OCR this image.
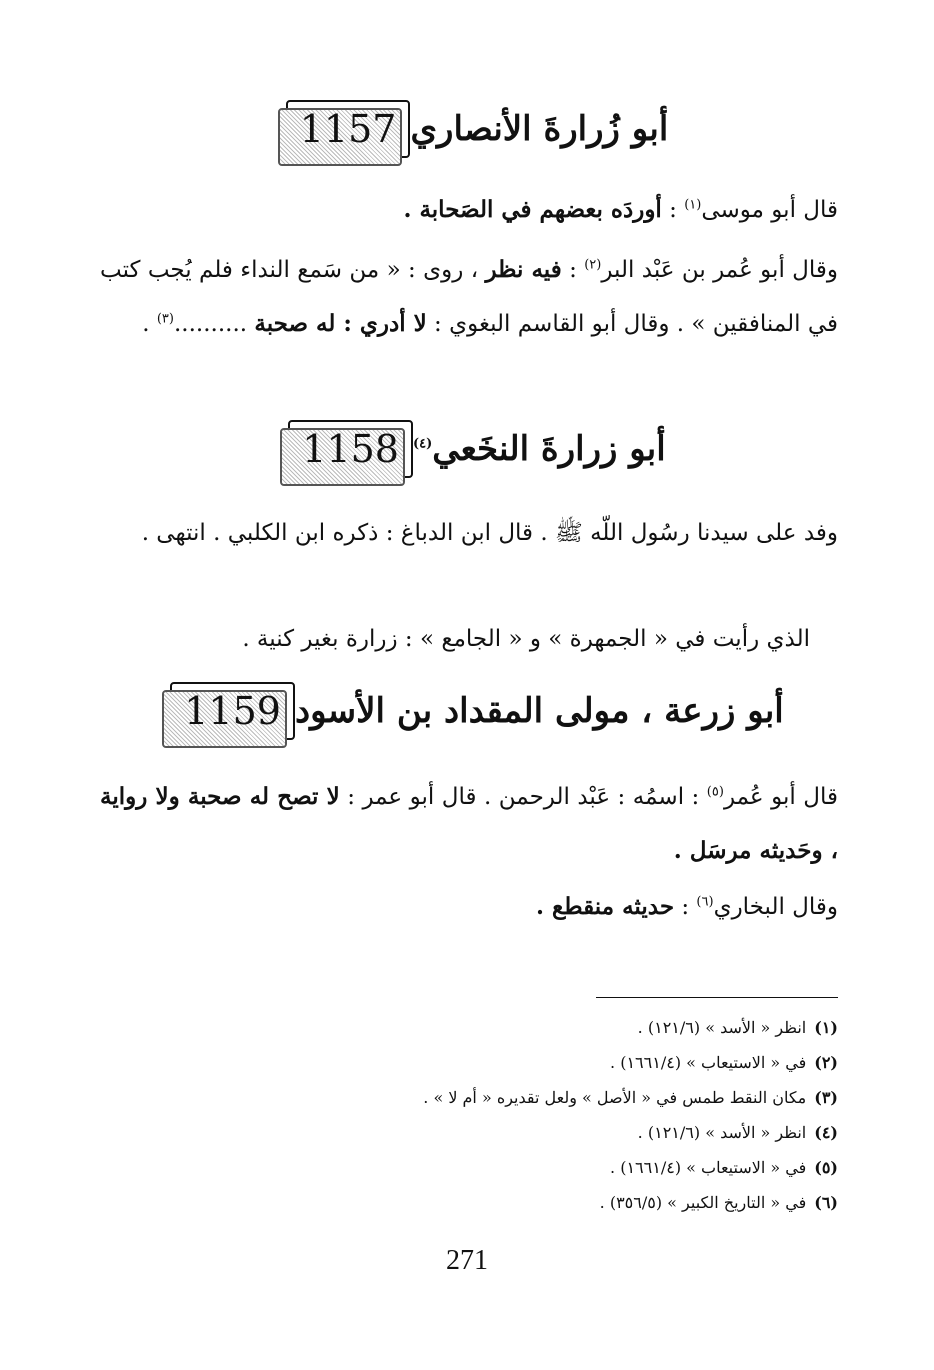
1157 أبو زُرارةَ الأنصاري
قال أبو موسى$^{(١)}$ : أوردَه بعضهم في الصَحابة .
وقال أبو عُمر بن عَبْد البر$^{(٢)}$ : فيه نظر ، روى : « من سَمع النداء فلم يُجب كتب في المنافقين » . وقال أبو القاسم البغوي : لا أدري : له صحبة ..........$^{(٣)}$ .
1158 أبو زرارةَ النخَعي$^{(٤)}$
وفد على سيدنا رسُول اللّه ﷺ . قال ابن الدباغ : ذكره ابن الكلبي . انتهى .
الذي رأيت في « الجمهرة » و « الجامع » : زرارة بغير كنية .
1159 أبو زرعة ، مولى المقداد بن الأسود
قال أبو عُمر$^{(٥)}$ : اسمُه : عَبْد الرحمن . قال أبو عمر : لا تصح له صحبة ولا رواية ، وحَديثه مرسَل .
وقال البخاري$^{(٦)}$ : حديثه منقطع .
(١)انظر « الأسد » (١٢١/٦) .
(٢)في « الاستيعاب » (١٦٦١/٤) .
(٣)مكان النقط طمس في « الأصل » ولعل تقديره « أم لا » .
(٤)انظر « الأسد » (١٢١/٦) .
(٥)في « الاستيعاب » (١٦٦١/٤) .
(٦)في « التاريخ الكبير » (٣٥٦/٥) .
271
